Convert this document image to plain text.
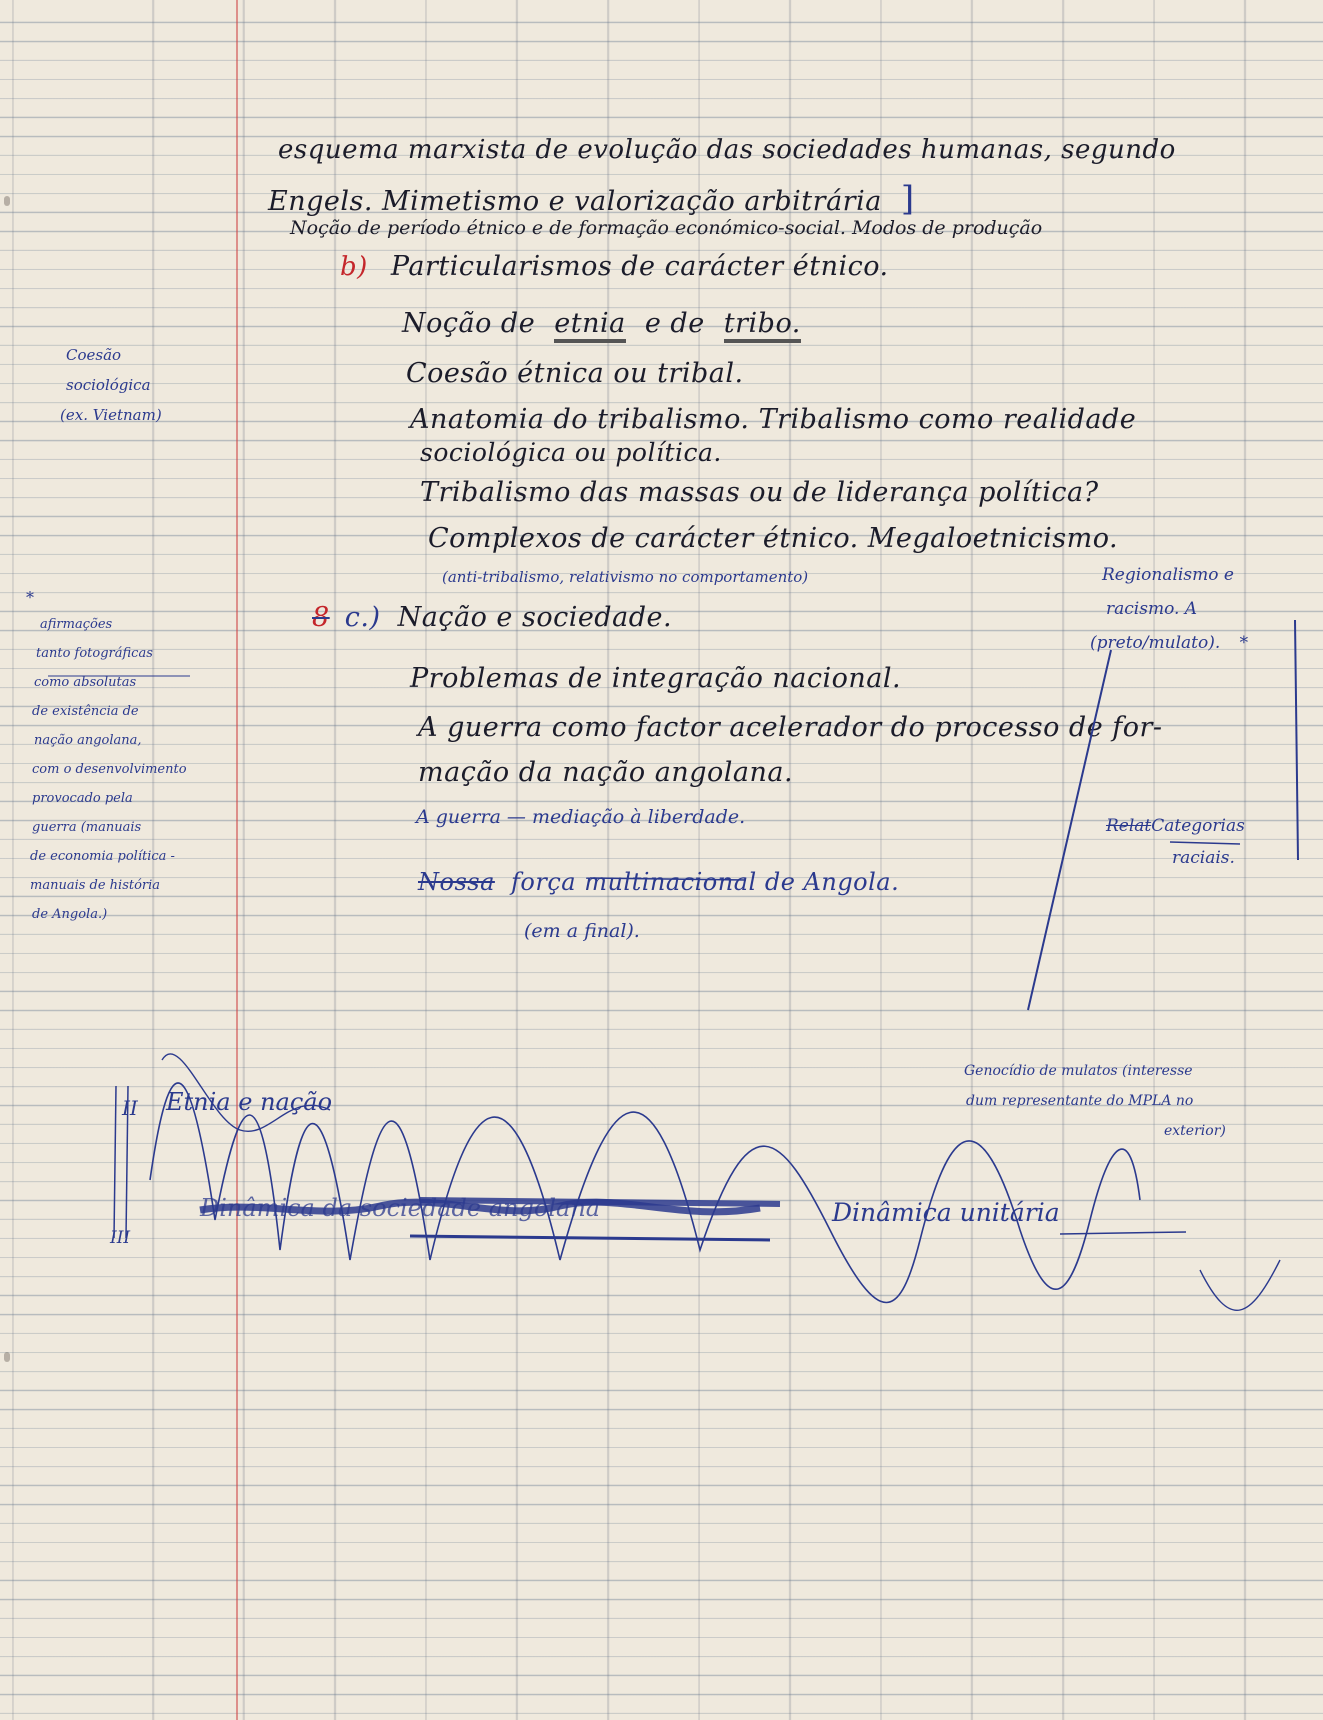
esquema marxista de evolução das sociedades humanas, segundo
Engels. Mimetismo e valorização arbitrária ]
Noção de período étnico e de formação económico-social. Modos de produção
b) Particularismos de carácter étnico.
Noção de etnia e de tribo.
Coesão étnica ou tribal.
Anatomia do tribalismo. Tribalismo como realidade
sociológica ou política.
Tribalismo das massas ou de liderança política?
Complexos de carácter étnico. Megaloetnicismo.
(anti-tribalismo, relativismo no comportamento)
8 c.) Nação e sociedade.
Problemas de integração nacional.
A guerra como factor acelerador do processo de for-
mação da nação angolana.
A guerra — mediação à liberdade.
Nossa força multinacional de Angola.
(em a final).
Coesão
sociológica
(ex. Vietnam)
*
afirmações
tanto fotográficas
como absolutas
de existência de
nação angolana,
com o desenvolvimento
provocado pela
guerra (manuais
de economia política -
manuais de história
de Angola.)
Regionalismo e
racismo. A
(preto/mulato). *
RelatCategorias
raciais.
Genocídio de mulatos (interesse
dum representante do MPLA no
exterior)
II Etnia e nação
III
Dinâmica da sociedade angolana	Dinâmica unitária
